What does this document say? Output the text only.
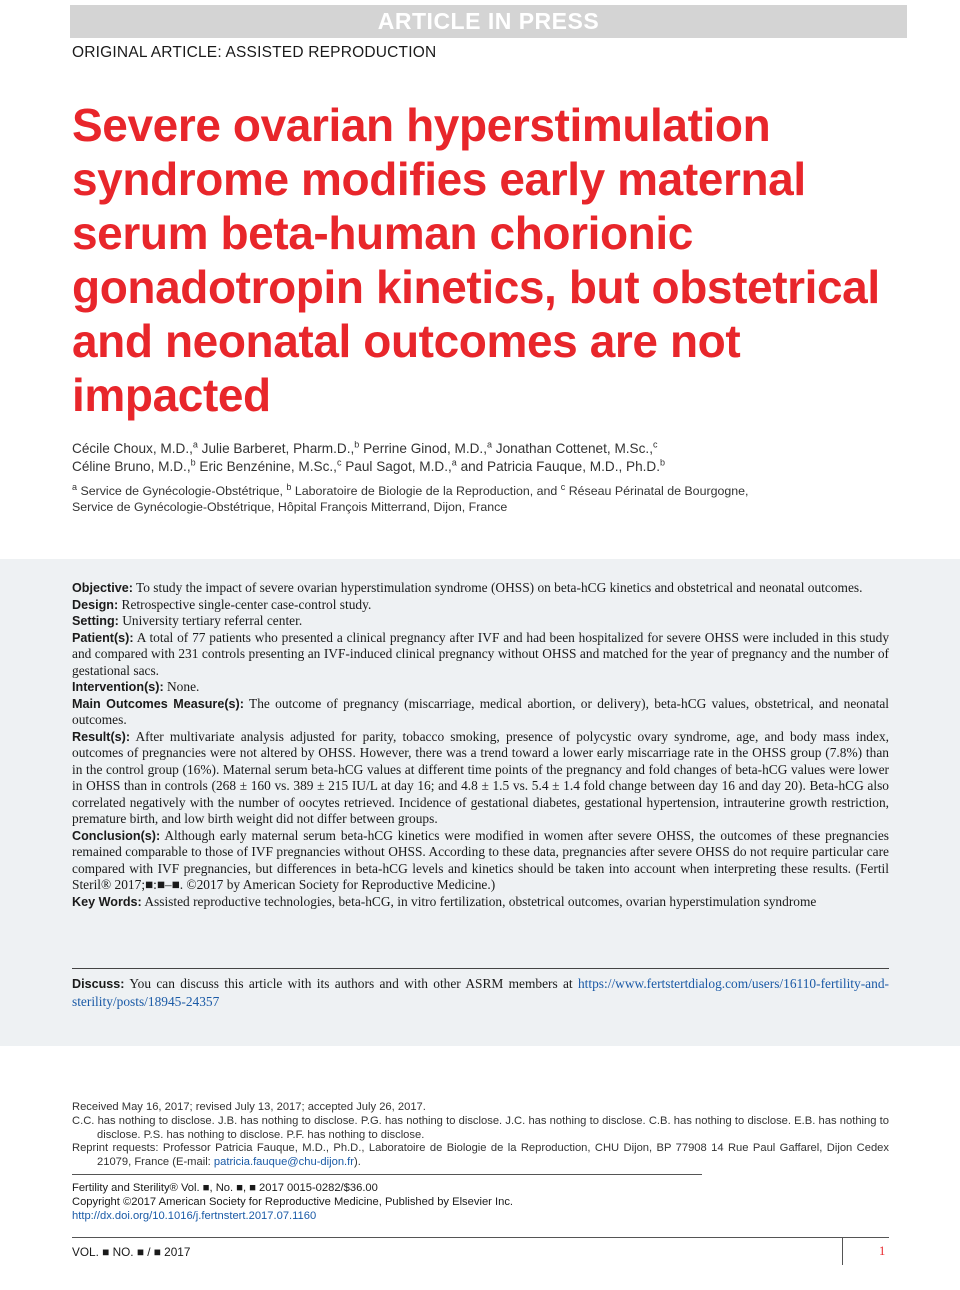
ARTICLE IN PRESS
ORIGINAL ARTICLE: ASSISTED REPRODUCTION
Severe ovarian hyperstimulation syndrome modifies early maternal serum beta-human chorionic gonadotropin kinetics, but obstetrical and neonatal outcomes are not impacted
Cécile Choux, M.D.,$^a$ Julie Barberet, Pharm.D.,$^b$ Perrine Ginod, M.D.,$^a$ Jonathan Cottenet, M.Sc.,$^c$
Céline Bruno, M.D.,$^b$ Eric Benzénine, M.Sc.,$^c$ Paul Sagot, M.D.,$^a$ and Patricia Fauque, M.D., Ph.D.$^b$
$^a$ Service de Gynécologie-Obstétrique, $^b$ Laboratoire de Biologie de la Reproduction, and $^c$ Réseau Périnatal de Bourgogne,
Service de Gynécologie-Obstétrique, Hôpital François Mitterrand, Dijon, France

Objective: To study the impact of severe ovarian hyperstimulation syndrome (OHSS) on beta-hCG kinetics and obstetrical and neonatal outcomes.

Design: Retrospective single-center case-control study.

Setting: University tertiary referral center.

Patient(s): A total of 77 patients who presented a clinical pregnancy after IVF and had been hospitalized for severe OHSS were included in this study and compared with 231 controls presenting an IVF-induced clinical pregnancy without OHSS and matched for the year of pregnancy and the number of gestational sacs.

Intervention(s): None.

Main Outcomes Measure(s): The outcome of pregnancy (miscarriage, medical abortion, or delivery), beta-hCG values, obstetrical, and neonatal outcomes.

Result(s): After multivariate analysis adjusted for parity, tobacco smoking, presence of polycystic ovary syndrome, age, and body mass index, outcomes of pregnancies were not altered by OHSS. However, there was a trend toward a lower early miscarriage rate in the OHSS group (7.8%) than in the control group (16%). Maternal serum beta-hCG values at different time points of the pregnancy and fold changes of beta-hCG values were lower in OHSS than in controls (268 ± 160 vs. 389 ± 215 IU/L at day 16; and 4.8 ± 1.5 vs. 5.4 ± 1.4 fold change between day 16 and day 20). Beta-hCG also correlated negatively with the number of oocytes retrieved. Incidence of gestational diabetes, gestational hypertension, intrauterine growth restriction, premature birth, and low birth weight did not differ between groups.

Conclusion(s): Although early maternal serum beta-hCG kinetics were modified in women after severe OHSS, the outcomes of these pregnancies remained comparable to those of IVF pregnancies without OHSS. According to these data, pregnancies after severe OHSS do not require particular care compared with IVF pregnancies, but differences in beta-hCG levels and kinetics should be taken into account when interpreting these results. (Fertil Steril® 2017;■:■–■. ©2017 by American Society for Reproductive Medicine.)

Key Words: Assisted reproductive technologies, beta-hCG, in vitro fertilization, obstetrical outcomes, ovarian hyperstimulation syndrome

Discuss: You can discuss this article with its authors and with other ASRM members at https://www.fertstertdialog.com/users/16110-fertility-and-sterility/posts/18945-24357

Received May 16, 2017; revised July 13, 2017; accepted July 26, 2017.

C.C. has nothing to disclose. J.B. has nothing to disclose. P.G. has nothing to disclose. J.C. has nothing to disclose. C.B. has nothing to disclose. E.B. has nothing to disclose. P.S. has nothing to disclose. P.F. has nothing to disclose.

Reprint requests: Professor Patricia Fauque, M.D., Ph.D., Laboratoire de Biologie de la Reproduction, CHU Dijon, BP 77908 14 Rue Paul Gaffarel, Dijon Cedex 21079, France (E-mail: patricia.fauque@chu-dijon.fr).

Fertility and Sterility® Vol. ■, No. ■, ■ 2017 0015-0282/$36.00

Copyright ©2017 American Society for Reproductive Medicine, Published by Elsevier Inc.

http://dx.doi.org/10.1016/j.fertnstert.2017.07.1160

VOL. ■ NO. ■ / ■ 2017	1
